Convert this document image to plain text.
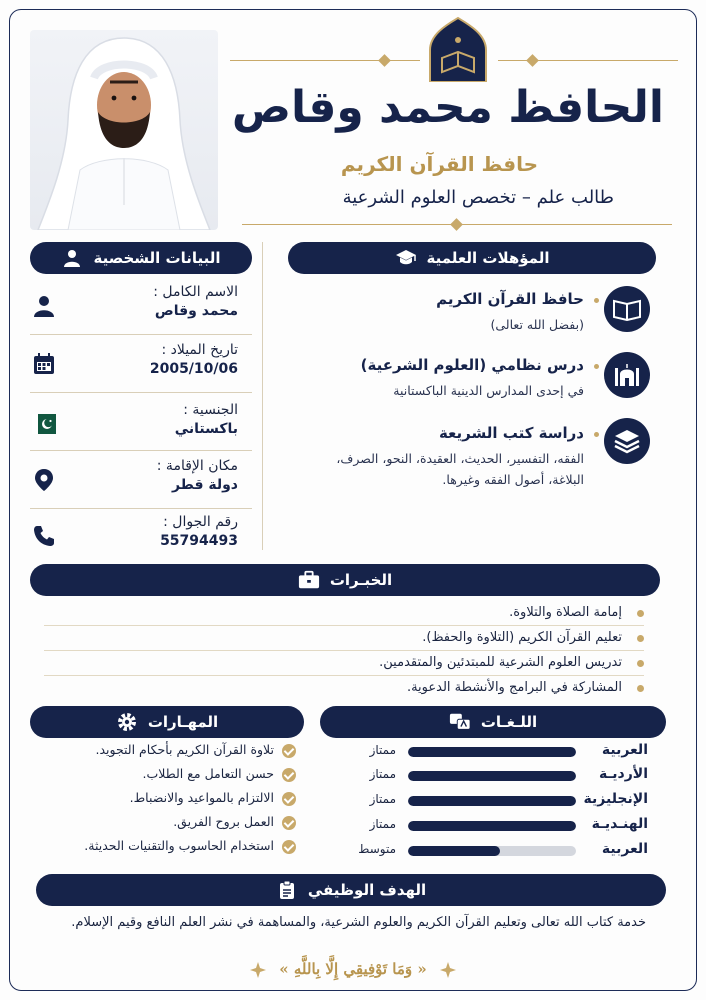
الحافظ محمد وقاص
حافظ القرآن الكريم
طالب علم – تخصص العلوم الشرعية
البيانات الشخصية
الاسم الكامل :
محمد وقاص
تاريخ الميلاد :
2005/10/06
الجنسية :
باكستاني
مكان الإقامة :
دولة قطر
رقم الجوال :
55794493
المؤهلات العلمية
حافظ القرآن الكريم
(بفضل الله تعالى)
درس نظامي (العلوم الشرعية)
في إحدى المدارس الدينية الباكستانية
دراسة كتب الشريعة
الفقه، التفسير، الحديث، العقيدة، النحو، الصرف، البلاغة، أصول الفقه وغيرها.
الخبـرات
إمامة الصلاة والتلاوة.
تعليم القرآن الكريم (التلاوة والحفظ).
تدريس العلوم الشرعية للمبتدئين والمتقدمين.
المشاركة في البرامج والأنشطة الدعوية.
اللـغـات
العربية
ممتاز
الأرديـة
ممتاز
الإنجليزية
ممتاز
الهنـديـة
ممتاز
العربية
متوسط
المهـارات
تلاوة القرآن الكريم بأحكام التجويد.
حسن التعامل مع الطلاب.
الالتزام بالمواعيد والانضباط.
العمل بروح الفريق.
استخدام الحاسوب والتقنيات الحديثة.
الهدف الوظيفي
خدمة كتاب الله تعالى وتعليم القرآن الكريم والعلوم الشرعية، والمساهمة في نشر العلم النافع وقيم الإسلام.
« وَمَا تَوْفِيقِي إِلَّا بِاللَّهِ »
